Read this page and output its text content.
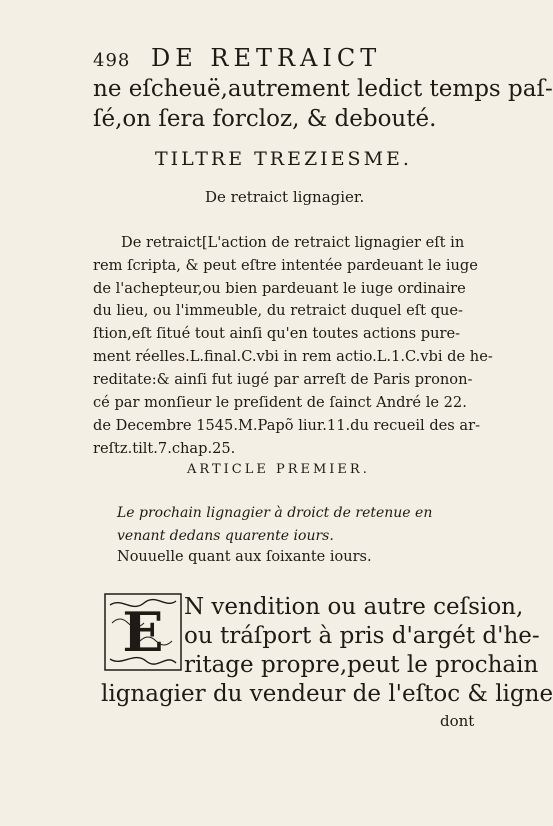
498 DE RETRAICT
ne eſcheuë,autrement ledict temps paſ-
ſé,on ſera forcloz, & debouté.
TILTRE TREZIESME.
De retraict lignagier.
De retraict[L'action de retraict lignagier eſt in
rem ſcripta, & peut eſtre intentée pardeuant le iuge
de l'achepteur,ou bien pardeuant le iuge ordinaire
du lieu, ou l'immeuble, du retraict duquel eſt que-
ſtion,eſt ſitué tout ainſi qu'en toutes actions pure-
ment réelles.L.final.C.vbi in rem actio.L.1.C.vbi de he-
reditate:& ainſi fut iugé par arreſt de Paris pronon-
cé par monſieur le preſident de ſainct André le 22.
de Decembre 1545.M.Papõ liur.11.du recueil des ar-
reſtz.tilt.7.chap.25.
ARTICLE PREMIER.
Le prochain lignagier à droict de retenue en
venant dedans quarente iours.
Nouuelle quant aux ſoixante iours.
E N vendition ou autre ceſsion,
ou tráſport à pris d'argét d'he-
ritage propre,peut le prochain
lignagier du vendeur de l'eſtoc & ligne
dont
